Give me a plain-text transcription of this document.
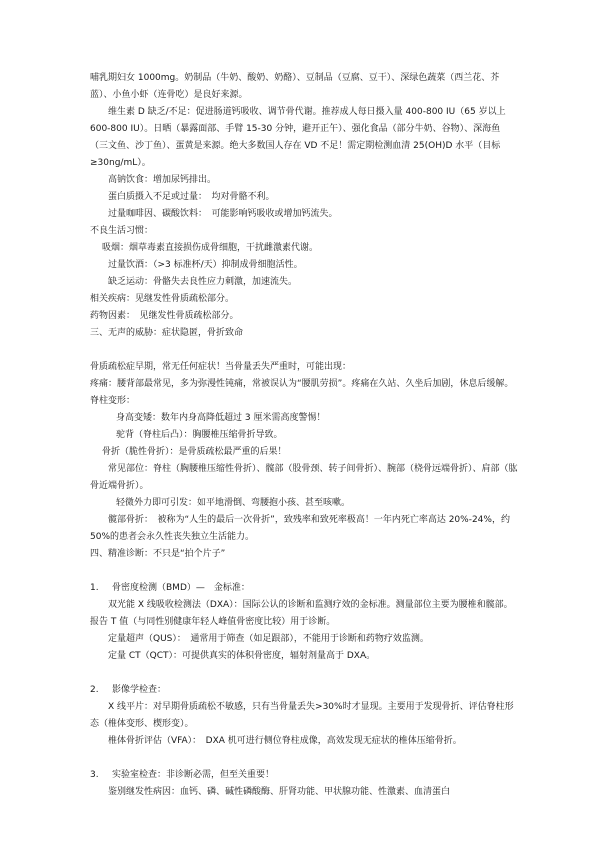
哺乳期妇女 1000mg。奶制品（牛奶、酸奶、奶酪）、豆制品（豆腐、豆干）、深绿色蔬菜（西兰花、芥蓝）、小鱼小虾（连骨吃）是良好来源。

维生素 D 缺乏/不足：促进肠道钙吸收、调节骨代谢。推荐成人每日摄入量 400-800 IU（65 岁以上 600-800 IU）。日晒（暴露面部、手臂 15-30 分钟，避开正午）、强化食品（部分牛奶、谷物）、深海鱼（三文鱼、沙丁鱼）、蛋黄是来源。绝大多数国人存在 VD 不足！需定期检测血清 25(OH)D 水平（目标≥30ng/mL）。

高钠饮食：增加尿钙排出。

蛋白质摄入不足或过量：　均对骨骼不利。

过量咖啡因、碳酸饮料：　可能影响钙吸收或增加钙流失。

不良生活习惯：

吸烟：烟草毒素直接损伤成骨细胞，干扰雌激素代谢。

过量饮酒：（>3 标准杯/天）抑制成骨细胞活性。

缺乏运动：骨骼失去良性应力刺激，加速流失。

相关疾病：见继发性骨质疏松部分。

药物因素：　见继发性骨质疏松部分。

三、无声的威胁：症状隐匿，骨折致命

骨质疏松症早期，常无任何症状！当骨量丢失严重时，可能出现：

疼痛：腰背部最常见，多为弥漫性钝痛，常被误认为“腰肌劳损”。疼痛在久站、久坐后加剧，休息后缓解。

脊柱变形：

身高变矮：数年内身高降低超过 3 厘米需高度警惕！

驼背（脊柱后凸）：胸腰椎压缩骨折导致。

骨折（脆性骨折）：是骨质疏松最严重的后果！

常见部位：脊柱（胸腰椎压缩性骨折）、髋部（股骨颈、转子间骨折）、腕部（桡骨远端骨折）、肩部（肱骨近端骨折）。

轻微外力即可引发：如平地滑倒、弯腰抱小孩、甚至咳嗽。

髋部骨折：　被称为“人生的最后一次骨折”，致残率和致死率极高！一年内死亡率高达 20%-24%，约 50%的患者会永久性丧失独立生活能力。

四、精准诊断：不只是“拍个片子”

1. 骨密度检测（BMD）—　金标准：

双光能 X 线吸收检测法（DXA）：国际公认的诊断和监测疗效的金标准。测量部位主要为腰椎和髋部。报告 T 值（与同性别健康年轻人峰值骨密度比较）用于诊断。

定量超声（QUS）：　通常用于筛查（如足跟部），不能用于诊断和药物疗效监测。

定量 CT（QCT）：可提供真实的体积骨密度，辐射剂量高于 DXA。

2. 影像学检查：

X 线平片：对早期骨质疏松不敏感，只有当骨量丢失>30%时才显现。主要用于发现骨折、评估脊柱形态（椎体变形、楔形变）。

椎体骨折评估（VFA）：　DXA 机可进行侧位脊柱成像，高效发现无症状的椎体压缩骨折。

3. 实验室检查：非诊断必需，但至关重要！

鉴别继发性病因：血钙、磷、碱性磷酸酶、肝肾功能、甲状腺功能、性激素、血清蛋白
